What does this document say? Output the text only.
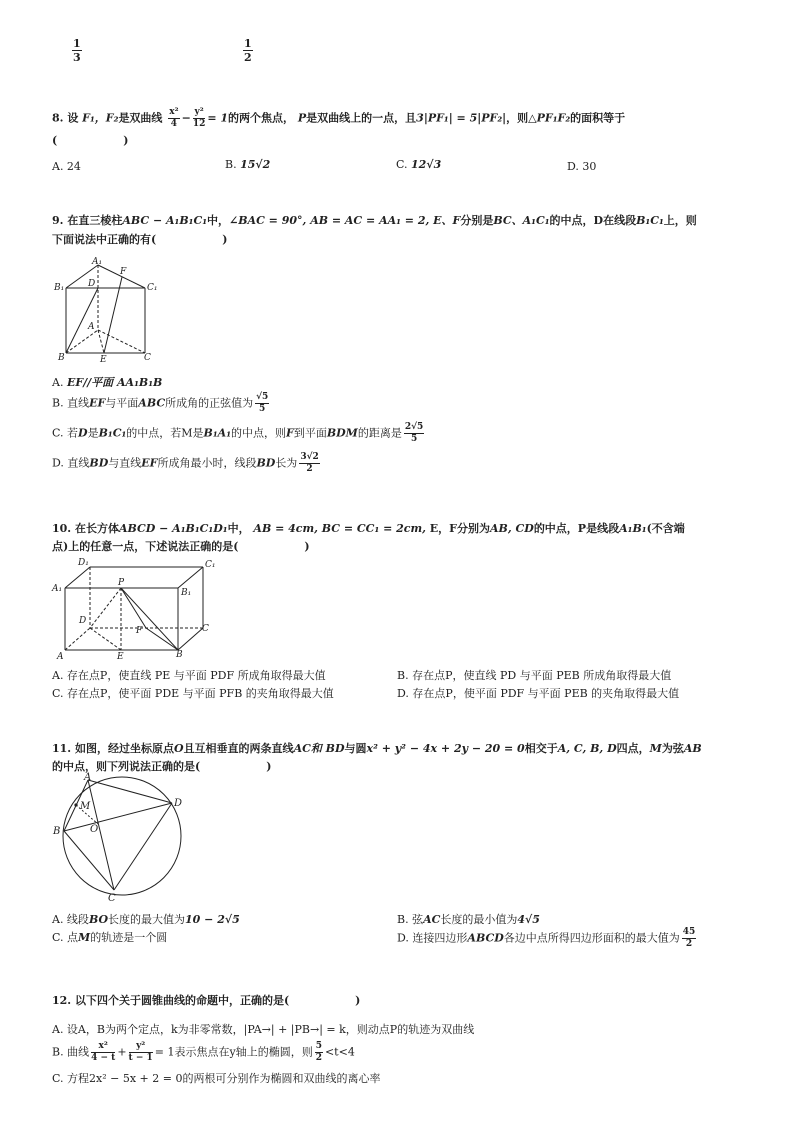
$\frac{1}{3}$	$\frac{1}{2}$
8. 设 F₁，F₂是双曲线 $\frac{\text{x²}}{4} - \frac{\text{y²}}{12} = 1$的两个焦点， P是双曲线上的一点，且3|PF₁| = 5|PF₂|，则△PF₁F₂的面积等于
(　　　　　　)
A. 24	B. 15√2	C. 12√3	D. 30
9. 在直三棱柱ABC − A₁B₁C₁中，∠BAC = 90°, AB = AC = AA₁ = 2, E、F分别是BC、A₁C₁的中点，D在线段B₁C₁上，则
下面说法中正确的有(　　　　　　)
B₁
A₁
C₁
D
F
A
B	E	C
A. EF//平面 AA₁B₁B
B. 直线EF与平面ABC所成角的正弦值为 $\frac{√5}{5}$
C. 若D是B₁C₁的中点，若M是B₁A₁的中点，则F到平面BDM的距离是 $\frac{2√5}{5}$
D. 直线BD与直线EF所成角最小时，线段BD长为 $\frac{3√2}{2}$
10. 在长方体ABCD − A₁B₁C₁D₁中， AB = 4cm, BC = CC₁ = 2cm, E，F分别为AB, CD的中点，P是线段A₁B₁(不含端
点)上的任意一点，下述说法正确的是(　　　　　　)
D₁	C₁
A₁
P
B₁
D
F	C
A	E	B
A. 存在点P，使直线 PE 与平面 PDF 所成角取得最大值	B. 存在点P，使直线 PD 与平面 PEB 所成角取得最大值
C. 存在点P，使平面 PDE 与平面 PFB 的夹角取得最大值	D. 存在点P，使平面 PDF 与平面 PEB 的夹角取得最大值
11. 如图，经过坐标原点O且互相垂直的两条直线AC和 BD与圆x² + y² − 4x + 2y − 20 = 0相交于A, C, B, D四点，M为弦AB
的中点，则下列说法正确的是(　　　　　　)
A
M	D
B	O
C
A. 线段BO长度的最大值为10 − 2√5	B. 弦AC长度的最小值为4√5
C. 点M的轨迹是一个圆	D. 连接四边形ABCD各边中点所得四边形面积的最大值为 $\frac{45}{2}$
12. 以下四个关于圆锥曲线的命题中，正确的是(　　　　　　)
A. 设A，B为两个定点，k为非零常数，|PA→| + |PB→| = k，则动点P的轨迹为双曲线
B. 曲线 $\frac{\text{x²}}{4 - t} + \frac{\text{y²}}{t - 1} = 1$表示焦点在y轴上的椭圆，则 $\frac{5}{2} <t<4$
C. 方程2x² − 5x + 2 = 0的两根可分别作为椭圆和双曲线的离心率
